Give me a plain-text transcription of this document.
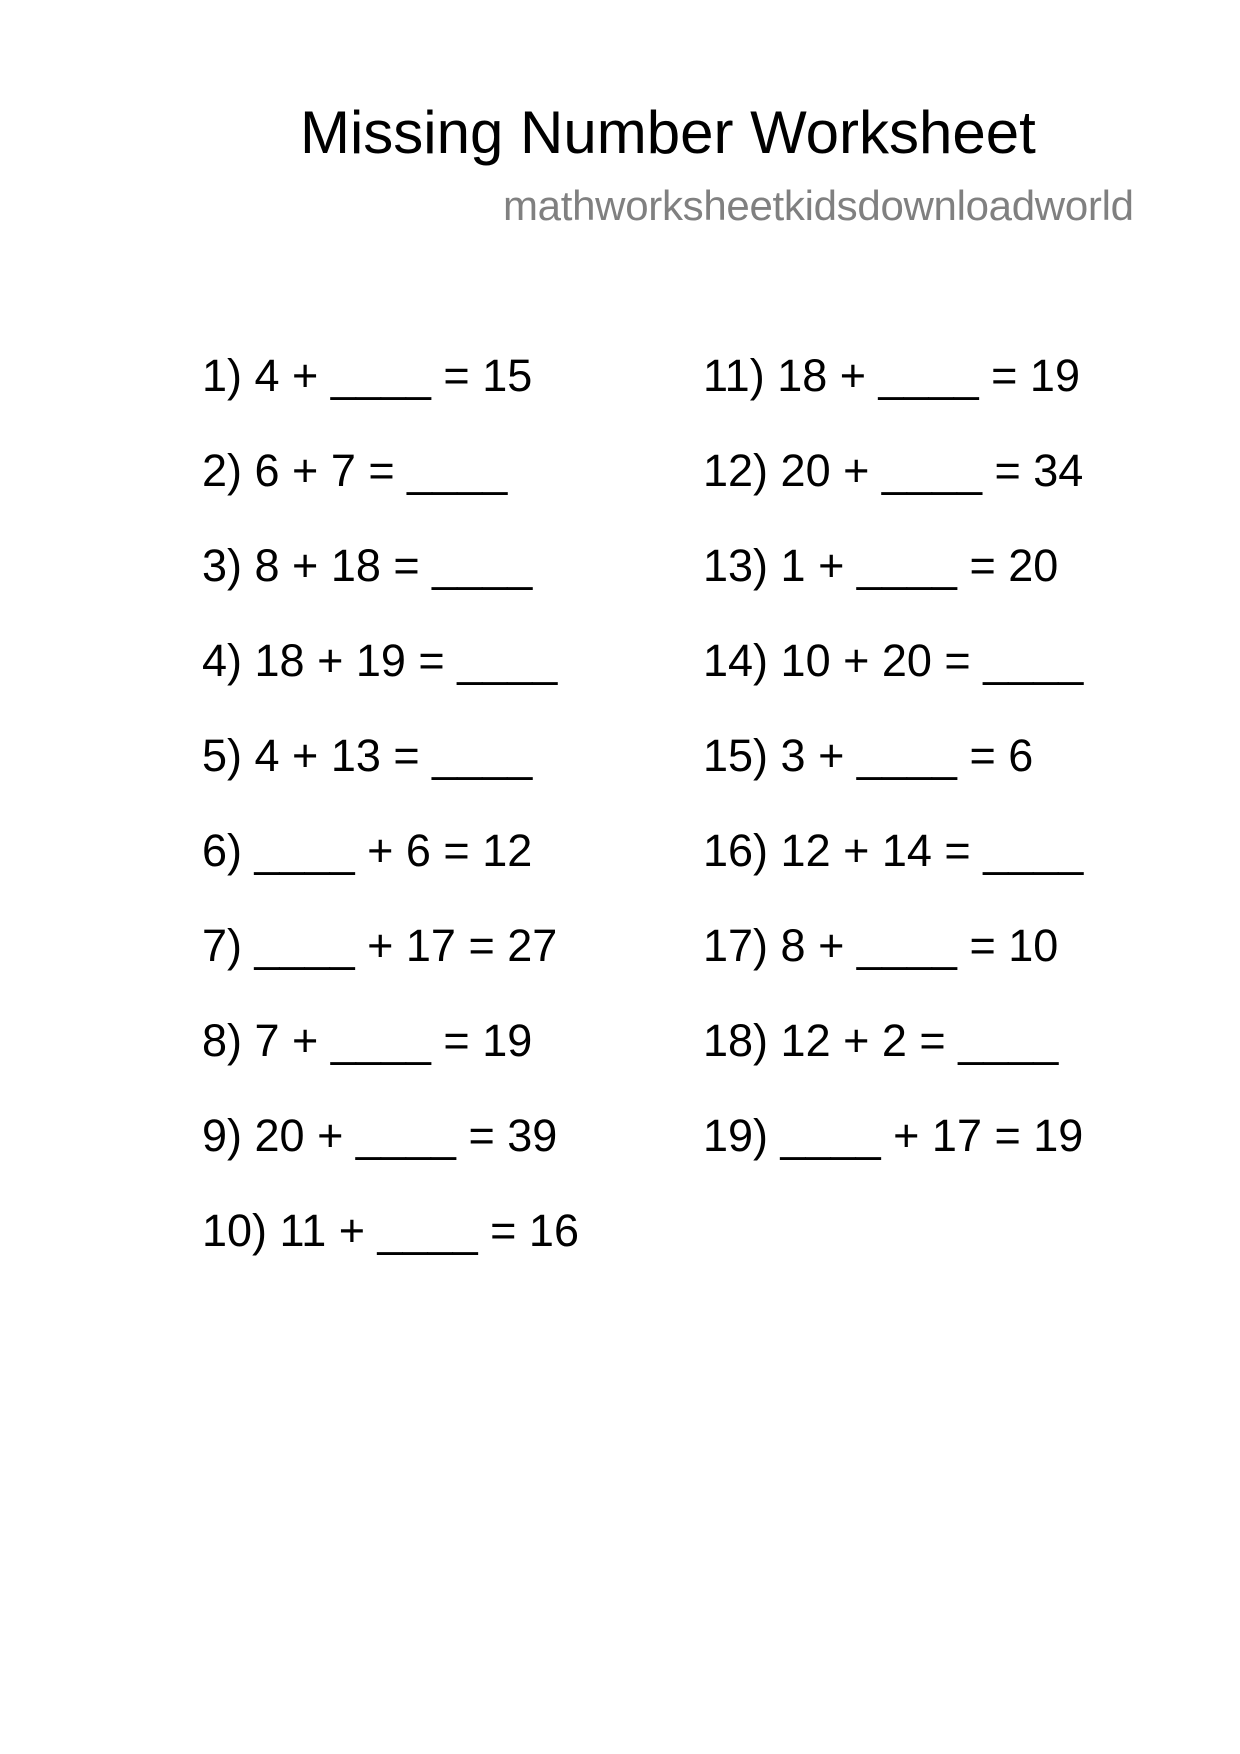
Missing Number Worksheet
mathworksheetkidsdownloadworld
1) 4 + ____ = 15
2) 6 + 7 = ____
3) 8 + 18 = ____
4) 18 + 19 = ____
5) 4 + 13 = ____
6) ____ + 6 = 12
7) ____ + 17 = 27
8) 7 + ____ = 19
9) 20 + ____ = 39
10) 11 + ____ = 16
11) 18 + ____ = 19
12) 20 + ____ = 34
13) 1 + ____ = 20
14) 10 + 20 = ____
15) 3 + ____ = 6
16) 12 + 14 = ____
17) 8 + ____ = 10
18) 12 + 2 = ____
19) ____ + 17 = 19
